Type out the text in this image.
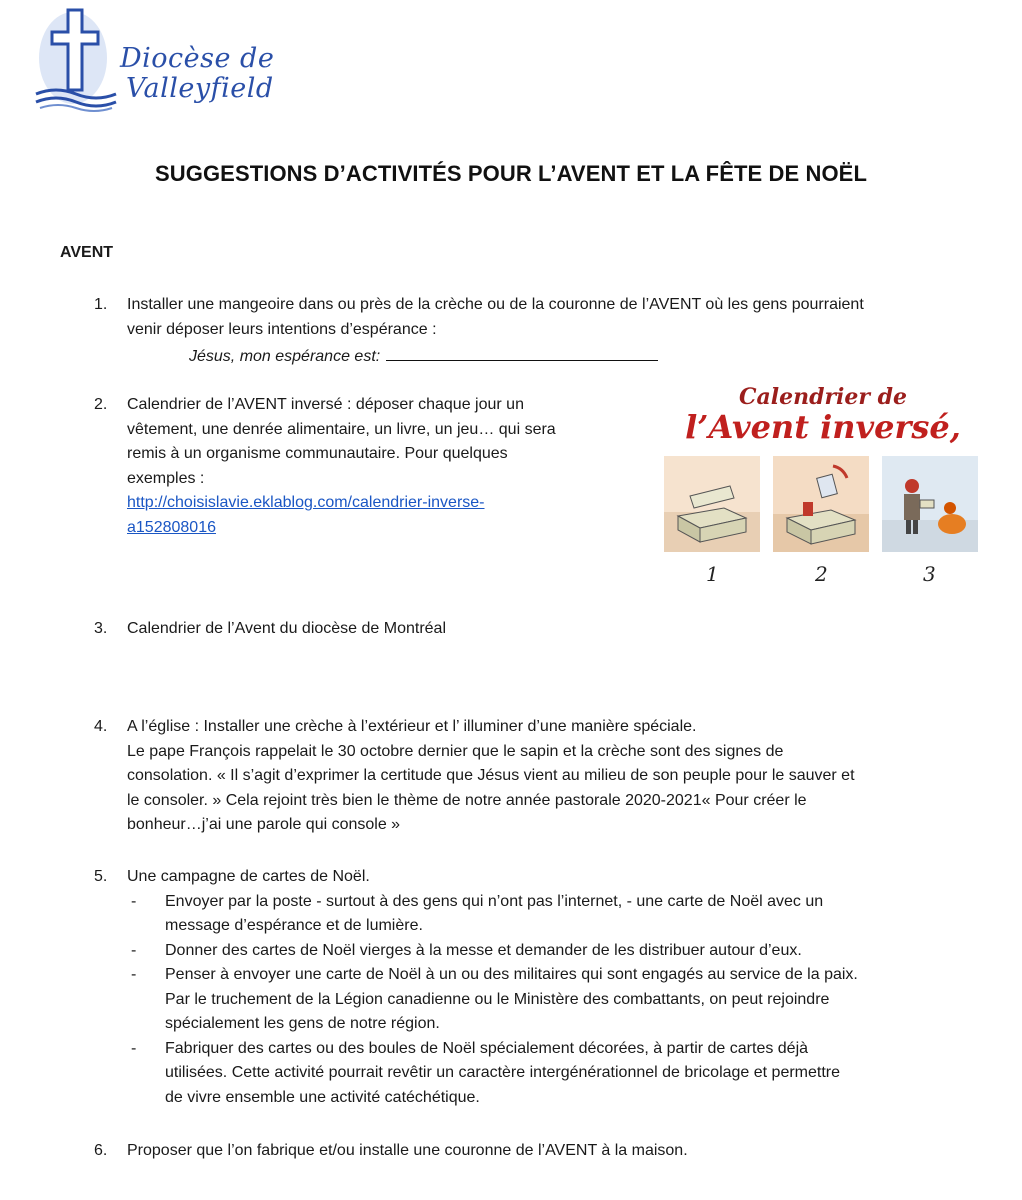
Diocèse de
Valleyfield
SUGGESTIONS D’ACTIVITÉS POUR L’AVENT ET LA FÊTE DE NOËL
AVENT
1.	Installer une mangeoire dans ou près de la crèche ou de la couronne de l’AVENT où les gens pourraient
venir déposer leurs intentions d’espérance :
Jésus, mon espérance est:
2.	Calendrier de l’AVENT inversé : déposer chaque jour un
vêtement, une denrée alimentaire, un livre, un jeu… qui sera
remis à un organisme communautaire. Pour quelques
exemples :
http://choisislavie.eklablog.com/calendrier-inverse-
a152808016
Calendrier de
l’Avent inversé,
1	2	3
3.	Calendrier de l’Avent du diocèse de Montréal
4.	A l’église : Installer une crèche à l’extérieur et l’ illuminer d’une manière spéciale.
Le pape François rappelait le 30 octobre dernier que le sapin et la crèche sont des signes de
consolation. « Il s’agit d’exprimer la certitude que Jésus vient au milieu de son peuple pour le sauver et
le consoler. » Cela rejoint très bien le thème de notre année pastorale 2020-2021« Pour créer le
bonheur…j’ai une parole qui console »
5.	Une campagne de cartes de Noël.
- Envoyer par la poste - surtout à des gens qui n’ont pas l’internet, - une carte de Noël avec un
message d’espérance et de lumière.
- Donner des cartes de Noël vierges à la messe et demander de les distribuer autour d’eux.
- Penser à envoyer une carte de Noël à un ou des militaires qui sont engagés au service de la paix.
Par le truchement de la Légion canadienne ou le Ministère des combattants, on peut rejoindre
spécialement les gens de notre région.
- Fabriquer des cartes ou des boules de Noël spécialement décorées, à partir de cartes déjà
utilisées. Cette activité pourrait revêtir un caractère intergénérationnel de bricolage et permettre
de vivre ensemble une activité catéchétique.
6.	Proposer que l’on fabrique et/ou installe une couronne de l’AVENT à la maison.
